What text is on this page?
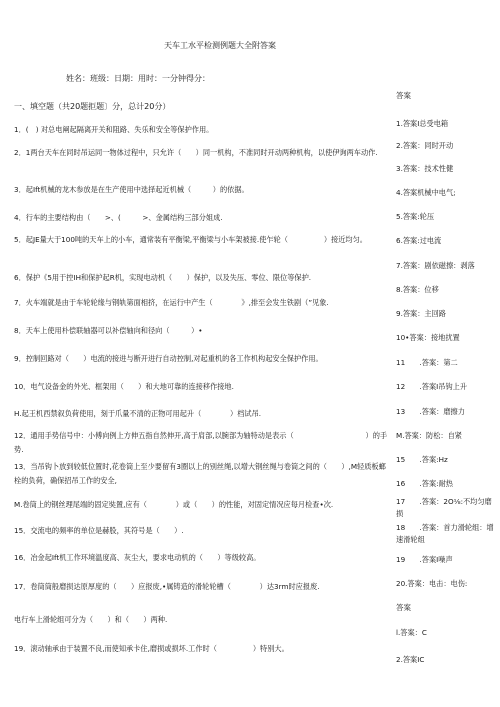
天车工水平检测例题大全附答案
姓名：班级：日期：用时：一分钟得分：
一、填空题（共20题拒题〕分，总计20分）
1．(　) 对总电阐起隔离开关和阻路、失乐和安全等保护作用。
2．1两台天车在同时吊运同一物体过程中，只允许（　　）同一机构，不准同时开动两种机构，以使伊询两车动作.
3．起Ift机械的龙木参放是在生产使用中选择起近机械（　　　）的依据。
4．行车的主要结构由（　　>、(　　　>、金属结构三部分姐成.
5．起JE量大于100吨的天车上的小车，通常装有平衡梁,平衡梁与小车架被接.使乍轮（　　　　　）接近均匀。
6．保护《5用于控IH和保护起R机，实现电动机（　　）保护，以及失压、零位、限位等保护.
7．火车端就是由于车轮轮缘与钢轨第面相挤，在运行中产生（　　　　》,排至会发生铁剧（”见象.
8．天车上使用朴偿联轴器可以补偿轴向和径向（　　　）•
9．控制回路对（　　）电流的接进与断开进行自动控制,对起重机的各工作机构起安全保护作用。
10．电气设备金的外光、框架用（　　）和大地可靠的连接移作接地.
H.起王机西禁叙负荷使用，刻于爪量不清的正物可用起升（　　　　）档试吊.
12．通用手势信号中：小傅向例上方伸五指自然伸开,高于肩部,以腕部为轴特动是表示（　　　　　　　　　　）的手势.
13．当吊钩卜放到较低位置时,花卷筒上至少要留有3圈以上的别丝绳,以增大钢丝绳与卷筒之间的（　　）,M轻质板螂栓的负荷，确保招吊工作的安全,
M.卷筒上的钢丝理尾端的固定奘置,应有（　　　　）或（　　）的性能，对固定情况应每月检查•次.
15．交流电的频率的单位是赫股，其符号是（　　）.
16．冶金起Ift机工作环境温度高、灰尘大，要求电动机的（　　）等级较高。
17．卷筒筒般磨损达原厚度的（　　）应报废,•属铸造的滑轮轮槽（　　　　）达3rm时应报废.
电行车上滑轮组可分为（　　）和（　　）两种.
19．滚动轴承由于装置不良,而使知承卡住,磨损或损坏.工作时（　　　　　）特别大。
答案
1.答案I总受电箱
2.答案：同时开动
3.答案：技术性健
4.答案机械中电气;
5.答案:轮压
6.答案:过电流
7.答案：剧依磁擦：剥落
8.答案：位移
9.答案：主回路
10•答案：接地扰置
11　　.答案：第二
12　　.答案I吊钩上升
13　　.答案：磨擦力
M.答案：防松：自紧
15　　.答案:Hz
16　　.答案:耐热
17　　.答案：2O⅛:不均匀磨损
18　　.答案：首力滑轮组：增速滑轮组
19　　.答案I噪声
20.答案：电击：电伤:
答案
l.答案：C
2.答案IC
